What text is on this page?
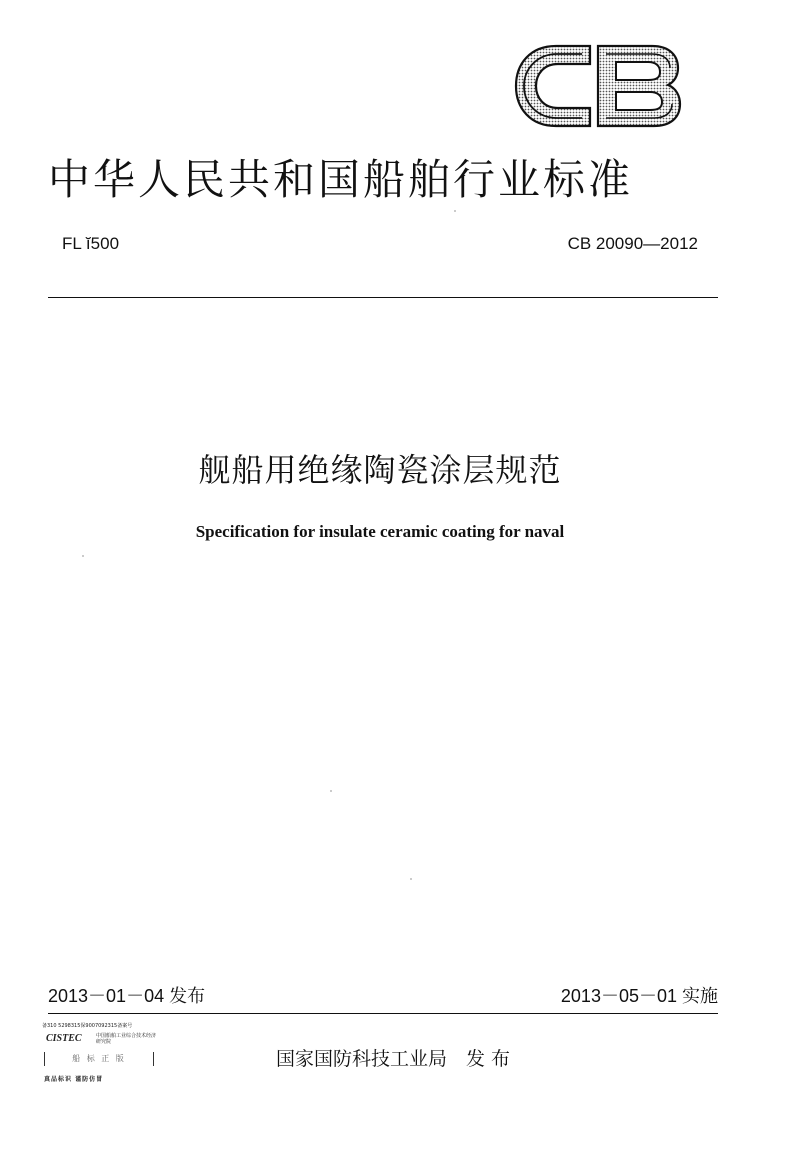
中华人民共和国船舶行业标准
FL ĭ500	CB 20090—2012
舰船用绝缘陶瓷涂层规范
Specification for insulate ceramic coating for naval
2013－01－04 发布	2013－05－01 实施
备310 5298315保9007092315备案号
CISTEC	中国船舶工业综合技术经济研究院
船 标 正 版
真品标识 谨防仿冒
国家国防科技工业局　发 布
